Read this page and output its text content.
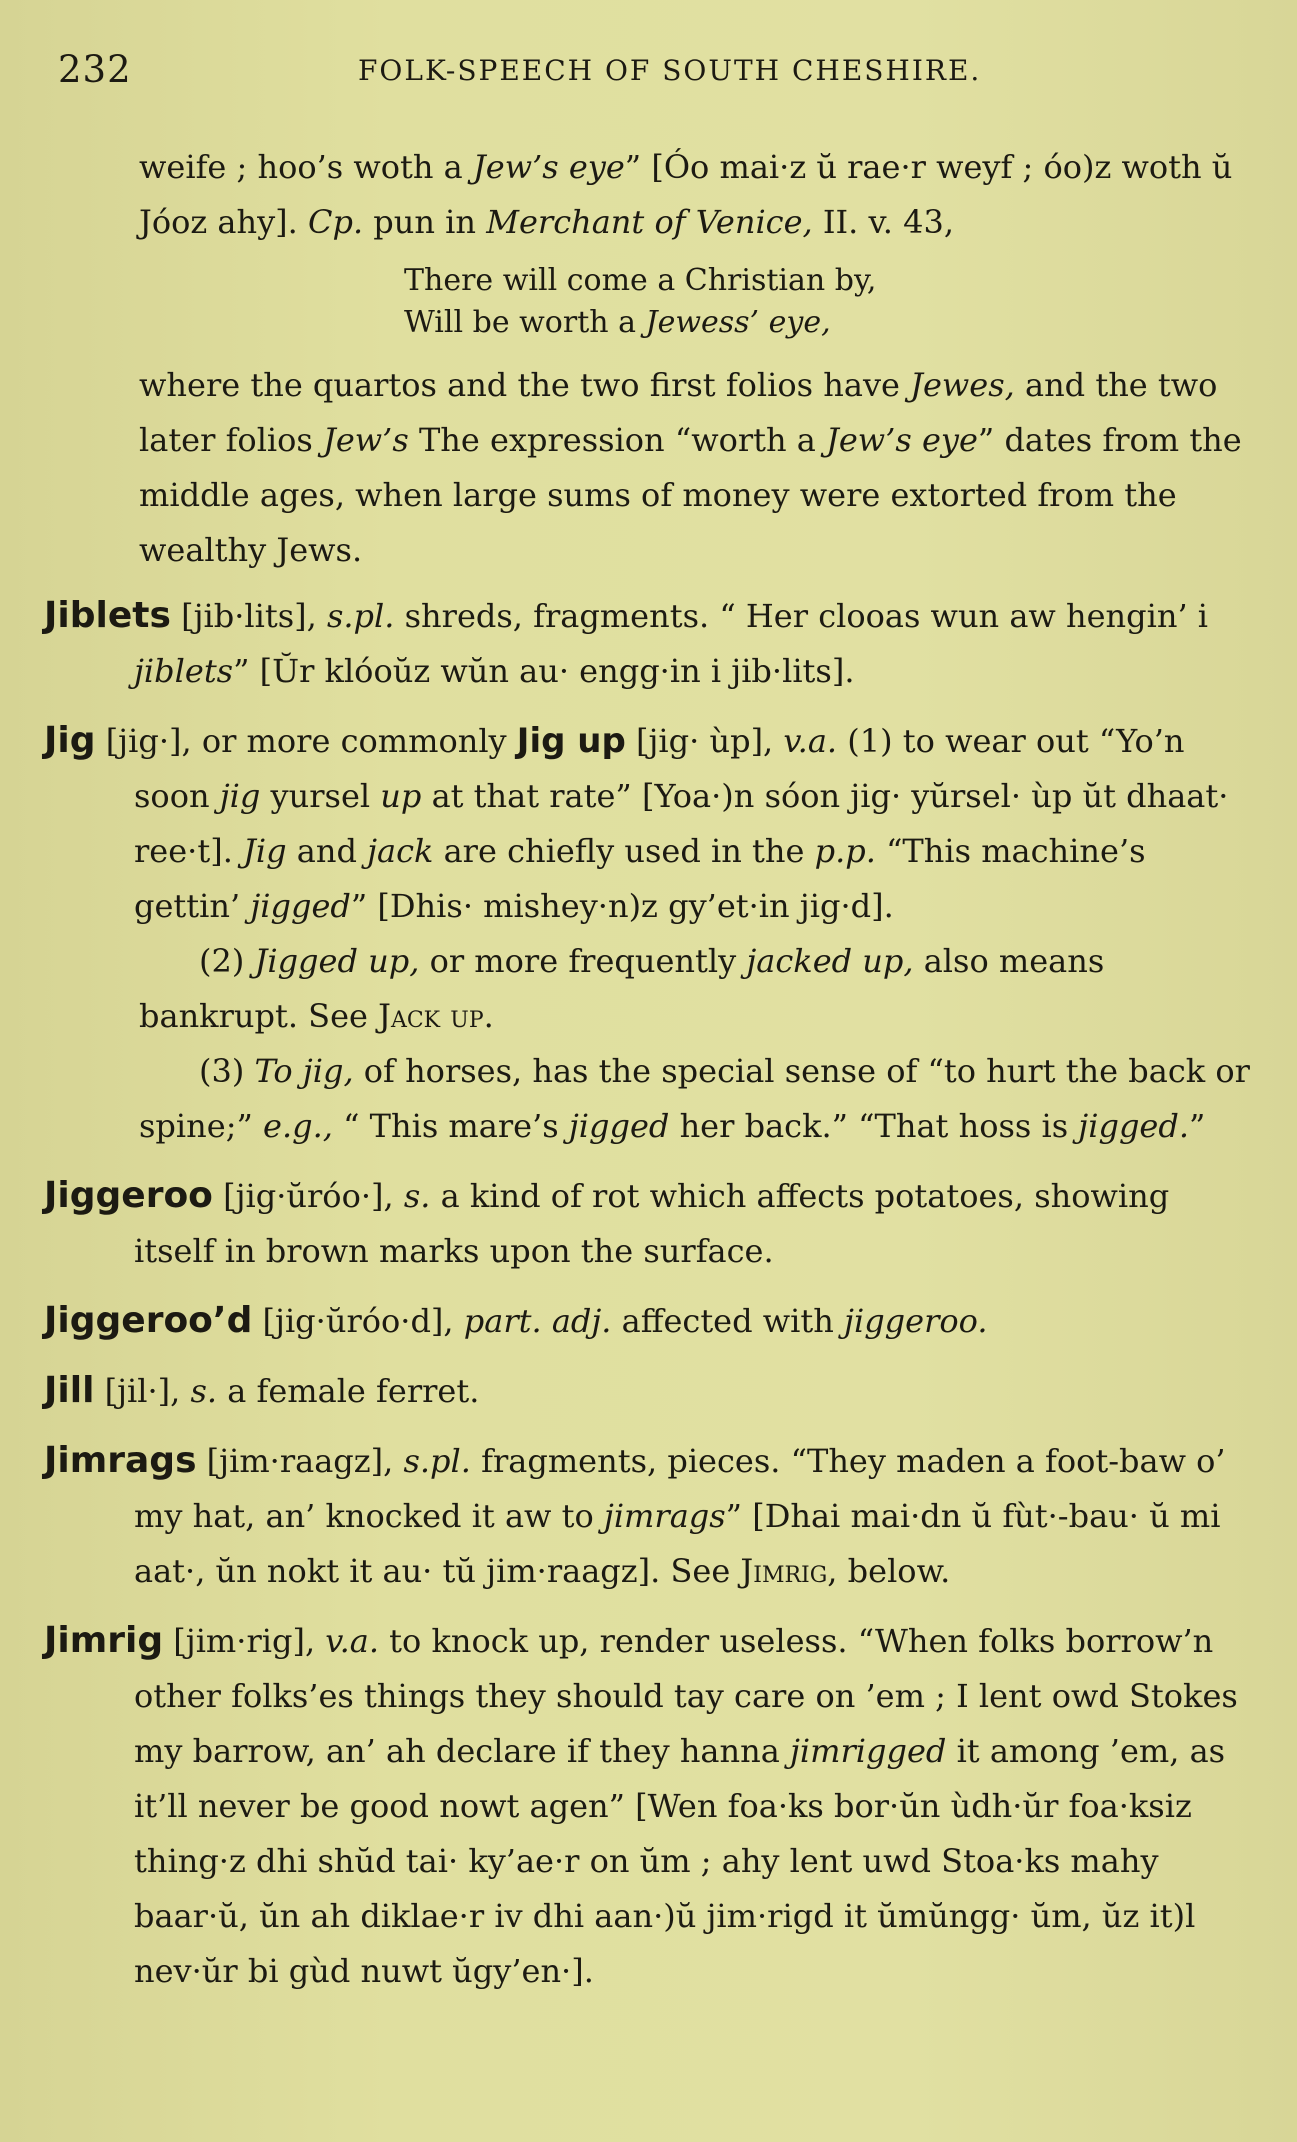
232	FOLK-SPEECH OF SOUTH CHESHIRE.

weife ; hoo’s woth a Jew’s eye” [Óo mai·z ŭ rae·r weyf ; óo)z woth ŭ Jóoz ahy]. Cp. pun in Merchant of Venice, II. v. 43,

There will come a Christian by,
Will be worth a Jewess’ eye,

where the quartos and the two first folios have Jewes, and the two later folios Jew’s The expression “worth a Jew’s eye” dates from the middle ages, when large sums of money were extorted from the wealthy Jews.

Jiblets [jib·lits], s.pl. shreds, fragments. “ Her clooas wun aw hengin’ i jiblets” [Ŭr klóoŭz wŭn au· engg·in i jib·lits].

Jig [jig·], or more commonly Jig up [jig· ùp], v.a. (1) to wear out “Yo’n soon jig yursel up at that rate” [Yoa·)n sóon jig· yŭrsel· ùp ŭt dhaat· ree·t]. Jig and jack are chiefly used in the p.p. “This machine’s gettin’ jigged” [Dhis· mishey·n)z gy’et·in jig·d].

(2) Jigged up, or more frequently jacked up, also means bankrupt. See Jack up.

(3) To jig, of horses, has the special sense of “to hurt the back or spine;” e.g., “ This mare’s jigged her back.” “That hoss is jigged.”

Jiggeroo [jig·ŭróo·], s. a kind of rot which affects potatoes, showing itself in brown marks upon the surface.

Jiggeroo’d [jig·ŭróo·d], part. adj. affected with jiggeroo.

Jill [jil·], s. a female ferret.

Jimrags [jim·raagz], s.pl. fragments, pieces. “They maden a foot-baw o’ my hat, an’ knocked it aw to jimrags” [Dhai mai·dn ŭ fùt·-bau· ŭ mi aat·, ŭn nokt it au· tŭ jim·raagz]. See Jimrig, below.

Jimrig [jim·rig], v.a. to knock up, render useless. “When folks borrow’n other folks’es things they should tay care on ’em ; I lent owd Stokes my barrow, an’ ah declare if they hanna jimrigged it among ’em, as it’ll never be good nowt agen” [Wen foa·ks bor·ŭn ùdh·ŭr foa·ksiz thing·z dhi shŭd tai· ky’ae·r on ŭm ; ahy lent uwd Stoa·ks mahy baar·ŭ, ŭn ah diklae·r iv dhi aan·)ŭ jim·rigd it ŭmŭngg· ŭm, ŭz it)l nev·ŭr bi gùd nuwt ŭgy’en·].
